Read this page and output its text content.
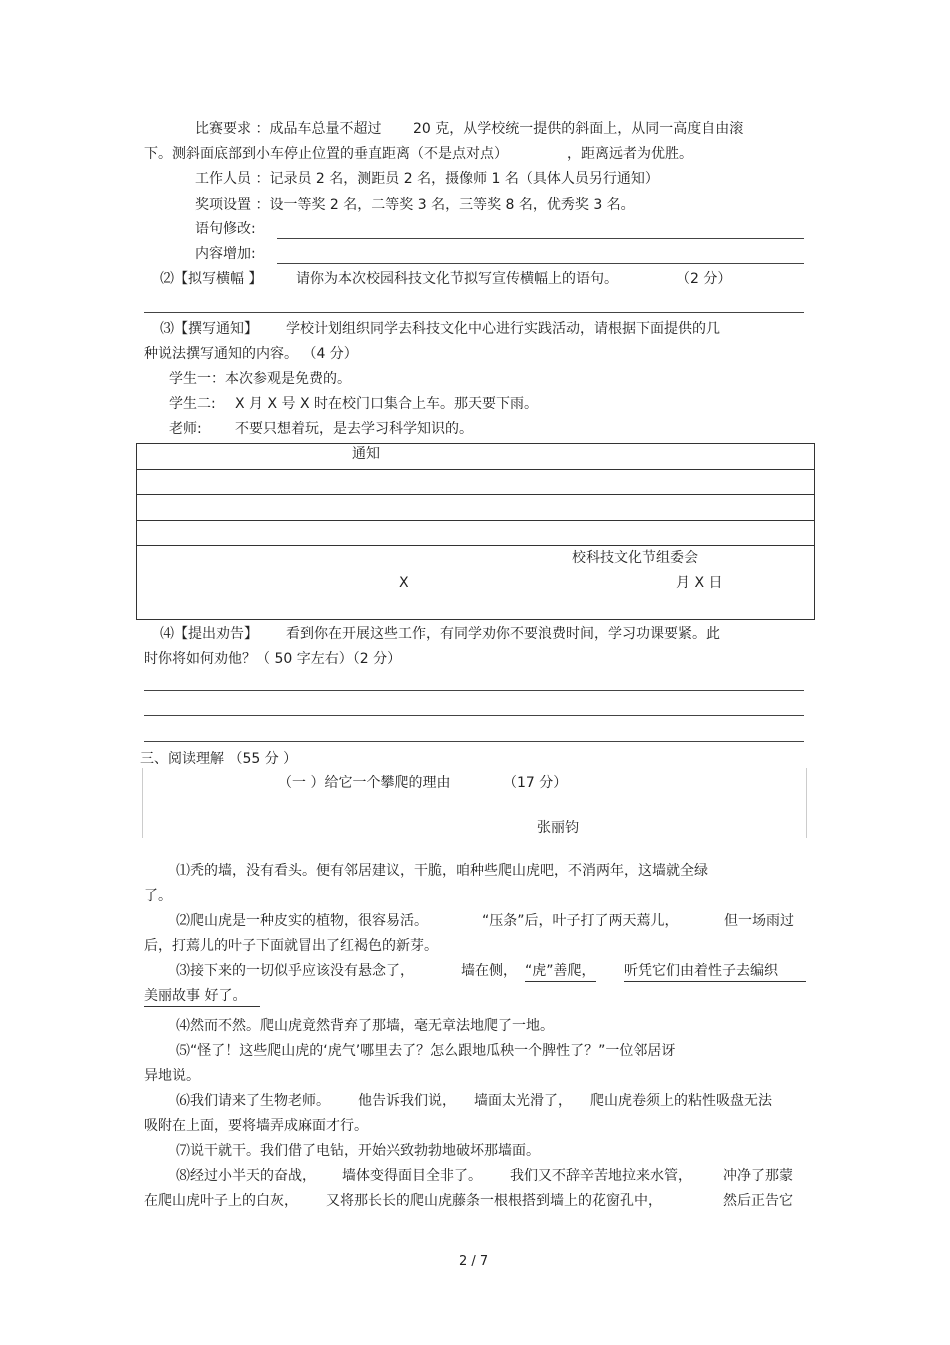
比赛要求 ：成品车总量不超过 20 克，从学校统一提供的斜面上，从同一高度自由滚
下。测斜面底部到小车停止位置的垂直距离（不是点对点）	，距离远者为优胜。
工作人员 ：记录员 2 名，测距员 2 名，摄像师 1 名（具体人员另行通知）
奖项设置 ：设一等奖 2 名，二等奖 3 名，三等奖 8 名，优秀奖 3 名。
语句修改:
内容增加:
⑵【拟写横幅 】 请你为本次校园科技文化节拟写宣传横幅上的语句。	（2 分）
⑶【撰写通知】 学校计划组织同学去科技文化中心进行实践活动，请根据下面提供的几
种说法撰写通知的内容。 （4 分）
学生一：本次参观是免费的。
学生二: X 月 X 号 X 时在校门口集合上车。那天要下雨。
老师: 不要只想着玩，是去学习科学知识的。
通知
校科技文化节组委会
X	月 X 日
⑷【提出劝告】 看到你在开展这些工作，有同学劝你不要浪费时间，学习功课要紧。此
时你将如何劝他？（ 50 字左右）（2 分）
三、阅读理解 （55 分 ）
（一 ）给它一个攀爬的理由	（17 分）
张丽钧
⑴秃的墙，没有看头。便有邻居建议，干脆，咱种些爬山虎吧，不消两年，这墙就全绿
了。
⑵爬山虎是一种皮实的植物，很容易活。	“压条”后，叶子打了两天蔫儿，	但一场雨过
后，打蔫儿的叶子下面就冒出了红褐色的新芽。
⑶接下来的一切似乎应该没有悬念了，	墙在侧， “虎”善爬， 听凭它们由着性子去编织
美丽故事 好了。
⑷然而不然。爬山虎竟然背弃了那墙，毫无章法地爬了一地。
⑸“怪了！这些爬山虎的‘虎气’哪里去了？怎么跟地瓜秧一个脾性了？”一位邻居讶
异地说。
⑹我们请来了生物老师。 他告诉我们说， 墙面太光滑了， 爬山虎卷须上的粘性吸盘无法
吸附在上面，要将墙弄成麻面才行。
⑺说干就干。我们借了电钻，开始兴致勃勃地破坏那墙面。
⑻经过小半天的奋战， 墙体变得面目全非了。 我们又不辞辛苦地拉来水管， 冲净了那蒙
在爬山虎叶子上的白灰， 又将那长长的爬山虎藤条一根根搭到墙上的花窗孔中，	然后正告它
2 / 7
